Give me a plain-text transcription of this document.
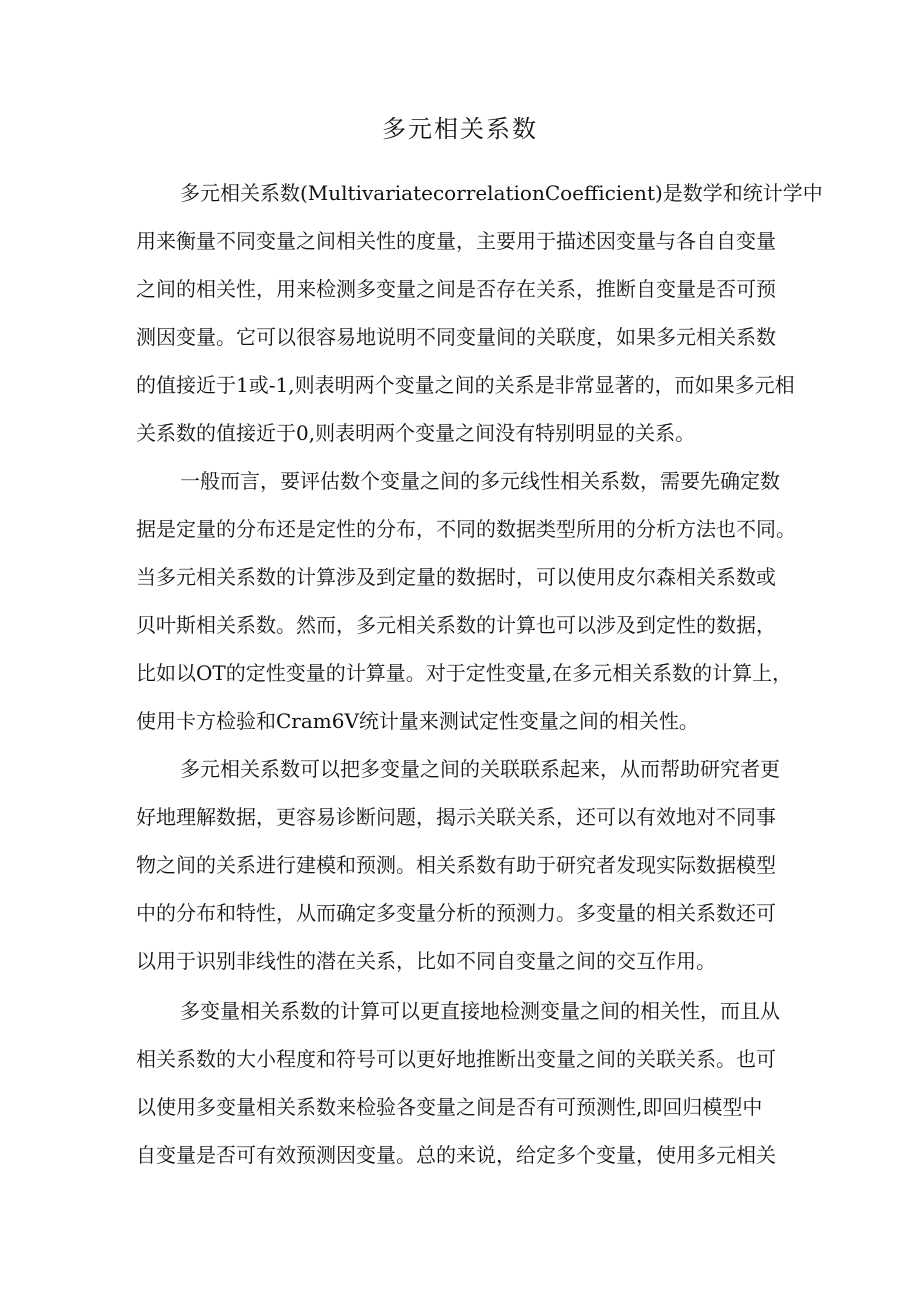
多元相关系数
多元相关系数(MultivariatecorrelationCoefficient)是数学和统计学中
用来衡量不同变量之间相关性的度量，主要用于描述因变量与各自自变量
之间的相关性，用来检测多变量之间是否存在关系，推断自变量是否可预
测因变量。它可以很容易地说明不同变量间的关联度，如果多元相关系数
的值接近于1或-1,则表明两个变量之间的关系是非常显著的，而如果多元相
关系数的值接近于0,则表明两个变量之间没有特别明显的关系。
一般而言，要评估数个变量之间的多元线性相关系数，需要先确定数
据是定量的分布还是定性的分布，不同的数据类型所用的分析方法也不同。
当多元相关系数的计算涉及到定量的数据时，可以使用皮尔森相关系数或
贝叶斯相关系数。然而，多元相关系数的计算也可以涉及到定性的数据，
比如以OT的定性变量的计算量。对于定性变量,在多元相关系数的计算上，
使用卡方检验和Cram6V统计量来测试定性变量之间的相关性。
多元相关系数可以把多变量之间的关联联系起来，从而帮助研究者更
好地理解数据，更容易诊断问题，揭示关联关系，还可以有效地对不同事
物之间的关系进行建模和预测。相关系数有助于研究者发现实际数据模型
中的分布和特性，从而确定多变量分析的预测力。多变量的相关系数还可
以用于识别非线性的潜在关系，比如不同自变量之间的交互作用。
多变量相关系数的计算可以更直接地检测变量之间的相关性，而且从
相关系数的大小程度和符号可以更好地推断出变量之间的关联关系。也可
以使用多变量相关系数来检验各变量之间是否有可预测性,即回归模型中
自变量是否可有效预测因变量。总的来说，给定多个变量，使用多元相关
